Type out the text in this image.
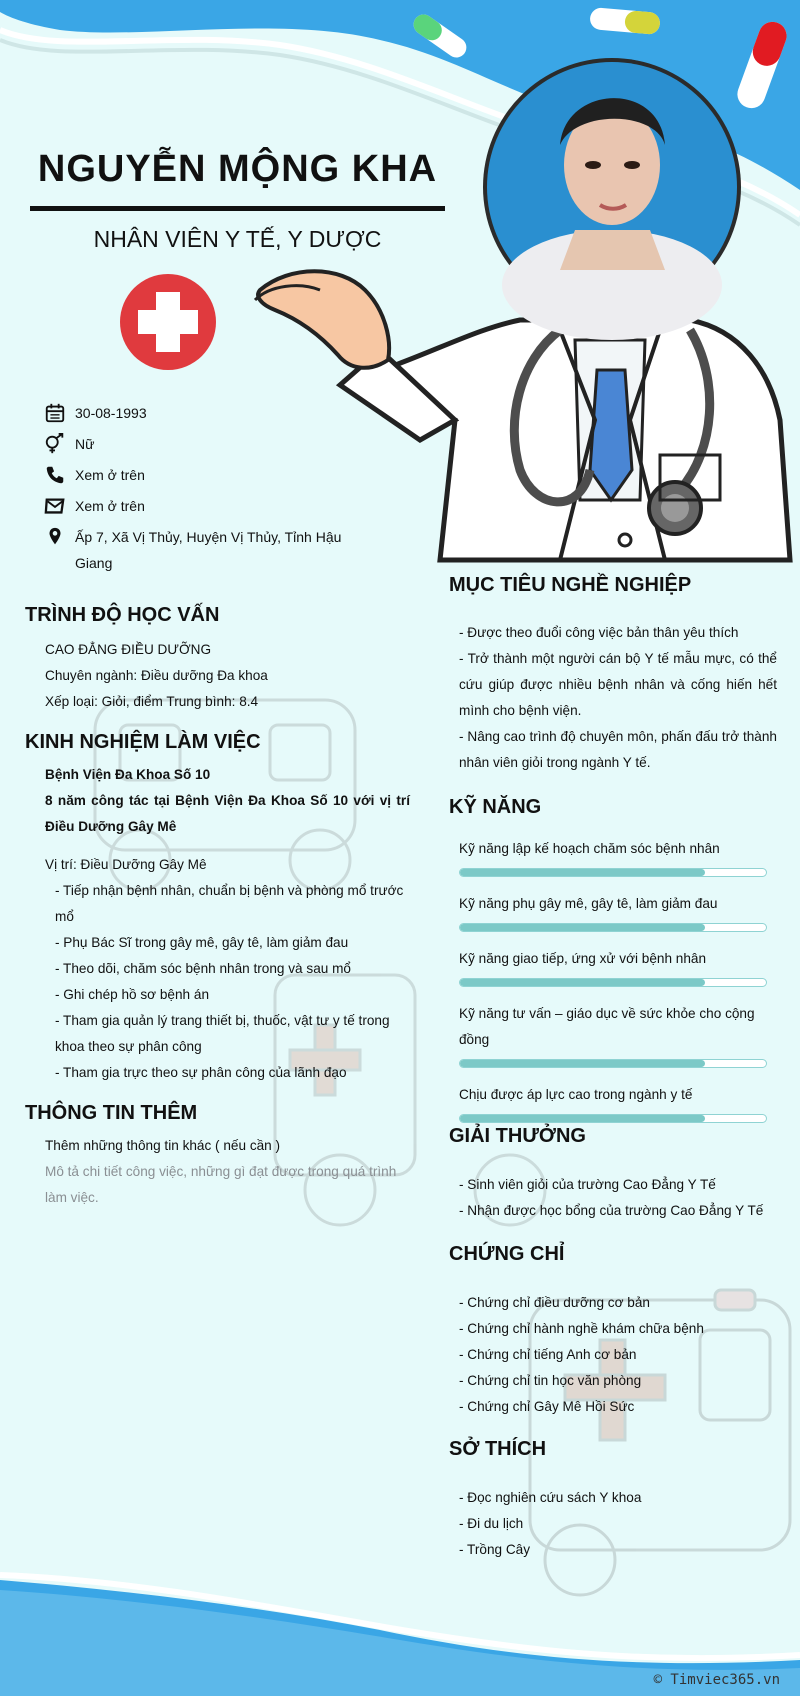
NGUYỄN MỘNG KHA
NHÂN VIÊN Y TẾ, Y DƯỢC
30-08-1993
Nữ
Xem ở trên
Xem ở trên
Ấp 7, Xã Vị Thủy, Huyện Vị Thủy, Tỉnh Hậu Giang
TRÌNH ĐỘ HỌC VẤN

CAO ĐẲNG ĐIỀU DƯỠNG

Chuyên ngành: Điều dưỡng Đa khoa

Xếp loại: Giỏi, điểm Trung bình: 8.4

KINH NGHIỆM LÀM VIỆC

Bệnh Viện Đa Khoa Số 10

8 năm công tác tại Bệnh Viện Đa Khoa Số 10 với vị trí Điều Dưỡng Gây Mê

Vị trí: Điều Dưỡng Gây Mê

- Tiếp nhận bệnh nhân, chuẩn bị bệnh và phòng mổ trước mổ

- Phụ Bác Sĩ trong gây mê, gây tê, làm giảm đau

- Theo dõi, chăm sóc bệnh nhân trong và sau mổ

- Ghi chép hồ sơ bệnh án

- Tham gia quản lý trang thiết bị, thuốc, vật tư y tế trong khoa theo sự phân công

- Tham gia trực theo sự phân công của lãnh đạo

THÔNG TIN THÊM

Thêm những thông tin khác ( nếu cần )

Mô tả chi tiết công việc, những gì đạt được trong quá trình làm việc.

MỤC TIÊU NGHỀ NGHIỆP

- Được theo đuổi công việc bản thân yêu thích

- Trở thành một người cán bộ Y tế mẫu mực, có thể cứu giúp được nhiều bệnh nhân và cống hiến hết mình cho bệnh viện.

- Nâng cao trình độ chuyên môn, phấn đấu trở thành nhân viên giỏi trong ngành Y tế.

KỸ NĂNG
Kỹ năng lập kế hoạch chăm sóc bệnh nhân
Kỹ năng phụ gây mê, gây tê, làm giảm đau
Kỹ năng giao tiếp, ứng xử với bệnh nhân
Kỹ năng tư vấn – giáo dục về sức khỏe cho cộng đồng
Chịu được áp lực cao trong ngành y tế
GIẢI THƯỞNG

- Sinh viên giỏi của trường Cao Đẳng Y Tế

- Nhận được học bổng của trường Cao Đẳng Y Tế

CHỨNG CHỈ

- Chứng chỉ điều dưỡng cơ bản

- Chứng chỉ hành nghề khám chữa bệnh

- Chứng chỉ tiếng Anh cơ bản

- Chứng chỉ tin học văn phòng

- Chứng chỉ Gây Mê Hồi Sức

SỞ THÍCH

- Đọc nghiên cứu sách Y khoa

- Đi du lịch

- Trồng Cây

© Timviec365.vn
